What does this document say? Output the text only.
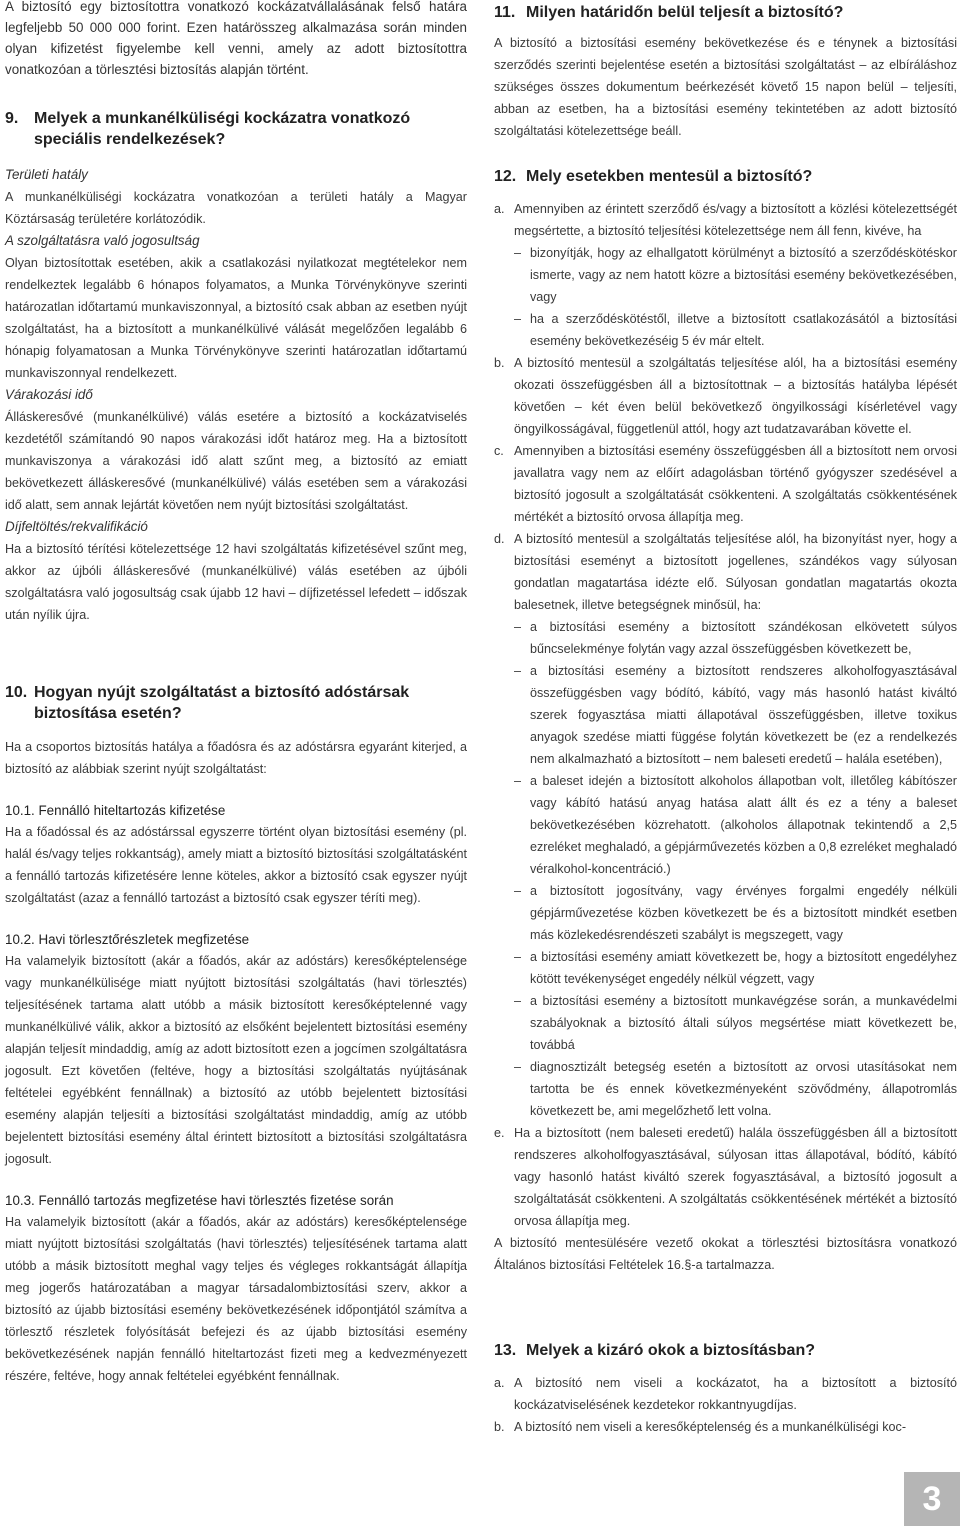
A biztosító egy biztosítottra vonatkozó kockázatvállalásának felső határa legfeljebb 50 000 000 forint. Ezen határösszeg alkalmazása során minden olyan kifizetést figyelembe kell venni, amely az adott biztosítottra vonatkozóan a törlesztési biztosítás alapján történt.

9. Melyek a munkanélküliségi kockázatra vonatkozó speciális rendelkezések?
Területi hatály

A munkanélküliségi kockázatra vonatkozóan a területi hatály a Magyar Köztársaság területére korlátozódik.

A szolgáltatásra való jogosultság

Olyan biztosítottak esetében, akik a csatlakozási nyilatkozat megtételekor nem rendelkeztek legalább 6 hónapos folyamatos, a Munka Törvénykönyve szerinti határozatlan időtartamú munkaviszonnyal, a biztosító csak abban az esetben nyújt szolgáltatást, ha a biztosított a munkanélkülivé válását megelőzően legalább 6 hónapig folyamatosan a Munka Törvénykönyve szerinti határozatlan időtartamú munkaviszonnyal rendelkezett.

Várakozási idő

Álláskeresővé (munkanélkülivé) válás esetére a biztosító a kockázatviselés kezdetétől számítandó 90 napos várakozási időt határoz meg. Ha a biztosított munkaviszonya a várakozási idő alatt szűnt meg, a biztosító az emiatt bekövetkezett álláskeresővé (munkanélkülivé) válás esetében sem a várakozási idő alatt, sem annak lejártát követően nem nyújt biztosítási szolgáltatást.

Díjfeltöltés/rekvalifikáció

Ha a biztosító térítési kötelezettsége 12 havi szolgáltatás kifizetésével szűnt meg, akkor az újbóli álláskeresővé (munkanélkülivé) válás esetében az újbóli szolgáltatásra való jogosultság csak újabb 12 havi – díjfizetéssel lefedett – időszak után nyílik újra.

10. Hogyan nyújt szolgáltatást a biztosító adóstársak biztosítása esetén?

Ha a csoportos biztosítás hatálya a főadósra és az adóstársra egyaránt kiterjed, a biztosító az alábbiak szerint nyújt szolgáltatást:

10.1. Fennálló hiteltartozás kifizetése

Ha a főadóssal és az adóstárssal egyszerre történt olyan biztosítási esemény (pl. halál és/vagy teljes rokkantság), amely miatt a biztosító biztosítási szolgáltatásként a fennálló tartozás kifizetésére lenne köteles, akkor a biztosító csak egyszer nyújt szolgáltatást (azaz a fennálló tartozást a biztosító csak egyszer téríti meg).

10.2. Havi törlesztőrészletek megfizetése

Ha valamelyik biztosított (akár a főadós, akár az adóstárs) keresőképtelensége vagy munkanélkülisége miatt nyújtott biztosítási szolgáltatás (havi törlesztés) teljesítésének tartama alatt utóbb a másik biztosított keresőképtelenné vagy munkanélkülivé válik, akkor a biztosító az elsőként bejelentett biztosítási esemény alapján teljesít mindaddig, amíg az adott biztosított ezen a jogcímen szolgáltatásra jogosult. Ezt követően (feltéve, hogy a biztosítási szolgáltatás nyújtásának feltételei egyébként fennállnak) a biztosító az utóbb bejelentett biztosítási esemény alapján teljesíti a biztosítási szolgáltatást mindaddig, amíg az utóbb bejelentett biztosítási esemény által érintett biztosított a biztosítási szolgáltatásra jogosult.

10.3. Fennálló tartozás megfizetése havi törlesztés fizetése során

Ha valamelyik biztosított (akár a főadós, akár az adóstárs) keresőképtelensége miatt nyújtott biztosítási szolgáltatás (havi törlesztés) teljesítésének tartama alatt utóbb a másik biztosított meghal vagy teljes és végleges rokkantságát állapítja meg jogerős határozatában a magyar társadalombiztosítási szerv, akkor a biztosító az újabb biztosítási esemény bekövetkezésének időpontjától számítva a törlesztő részletek folyósítását befejezi és az újabb biztosítási esemény bekövetkezésének napján fennálló hiteltartozást fizeti meg a kedvezményezett részére, feltéve, hogy annak feltételei egyébként fennállnak.

11. Milyen határidőn belül teljesít a biztosító?

A biztosító a biztosítási esemény bekövetkezése és e ténynek a biztosítási szerződés szerinti bejelentése esetén a biztosítási szolgáltatást – az elbíráláshoz szükséges összes dokumentum beérkezését követő 15 napon belül – teljesíti, abban az esetben, ha a biztosítási esemény tekintetében az adott biztosító szolgáltatási kötelezettsége beáll.

12. Mely esetekben mentesül a biztosító?
a. Amennyiben az érintett szerződő és/vagy a biztosított a közlési kötelezettségét megsértette, a biztosító teljesítési kötelezettsége nem áll fenn, kivéve, ha

– bizonyítják, hogy az elhallgatott körülményt a biztosító a szerződéskötéskor ismerte, vagy az nem hatott közre a biztosítási esemény bekövetkezésében, vagy

– ha a szerződéskötéstől, illetve a biztosított csatlakozásától a biztosítási esemény bekövetkezéséig 5 év már eltelt.

b. A biztosító mentesül a szolgáltatás teljesítése alól, ha a biztosítási esemény okozati összefüggésben áll a biztosítottnak – a biztosítás hatályba lépését követően – két éven belül bekövetkező öngyilkossági kísérletével vagy öngyilkosságával, függetlenül attól, hogy azt tudatzavarában követte el.

c. Amennyiben a biztosítási esemény összefüggésben áll a biztosított nem orvosi javallatra vagy nem az előírt adagolásban történő gyógyszer szedésével a biztosító jogosult a szolgáltatását csökkenteni. A szolgáltatás csökkentésének mértékét a biztosító orvosa állapítja meg.

d. A biztosító mentesül a szolgáltatás teljesítése alól, ha bizonyítást nyer, hogy a biztosítási eseményt a biztosított jogellenes, szándékos vagy súlyosan gondatlan magatartása idézte elő. Súlyosan gondatlan magatartás okozta balesetnek, illetve betegségnek minősül, ha:

– a biztosítási esemény a biztosított szándékosan elkövetett súlyos bűncselekménye folytán vagy azzal összefüggésben következett be,

– a biztosítási esemény a biztosított rendszeres alkoholfogyasztásával összefüggésben vagy bódító, kábító, vagy más hasonló hatást kiváltó szerek fogyasztása miatti állapotával összefüggésben, illetve toxikus anyagok szedése miatti függése folytán következett be (ez a rendelkezés nem alkalmazható a biztosított – nem baleseti eredetű – halála esetében),

– a baleset idején a biztosított alkoholos állapotban volt, illetőleg kábítószer vagy kábító hatású anyag hatása alatt állt és ez a tény a baleset bekövetkezésében közrehatott. (alkoholos állapotnak tekintendő a 2,5 ezreléket meghaladó, a gépjárművezetés közben a 0,8 ezreléket meghaladó véralkohol-koncentráció.)

– a biztosított jogosítvány, vagy érvényes forgalmi engedély nélküli gépjárművezetése közben következett be és a biztosított mindkét esetben más közlekedésrendészeti szabályt is megszegett, vagy

– a biztosítási esemény amiatt következett be, hogy a biztosított engedélyhez kötött tevékenységet engedély nélkül végzett, vagy

– a biztosítási esemény a biztosított munkavégzése során, a munkavédelmi szabályoknak a biztosító általi súlyos megsértése miatt következett be, továbbá

– diagnosztizált betegség esetén a biztosított az orvosi utasításokat nem tartotta be és ennek következményeként szövődmény, állapotromlás következett be, ami megelőzhető lett volna.

e. Ha a biztosított (nem baleseti eredetű) halála összefüggésben áll a biztosított rendszeres alkoholfogyasztásával, súlyosan ittas állapotával, bódító, kábító vagy hasonló hatást kiváltó szerek fogyasztásával, a biztosító jogosult a szolgáltatását csökkenteni. A szolgáltatás csökkentésének mértékét a biztosító orvosa állapítja meg.

A biztosító mentesülésére vezető okokat a törlesztési biztosításra vonatkozó Általános biztosítási Feltételek 16.§-a tartalmazza.

13. Melyek a kizáró okok a biztosításban?
a. A biztosító nem viseli a kockázatot, ha a biztosított a biztosító kockázatviselésének kezdetekor rokkantnyugdíjas.

b. A biztosító nem viseli a keresőképtelenség és a munkanélküliségi koc-

3
